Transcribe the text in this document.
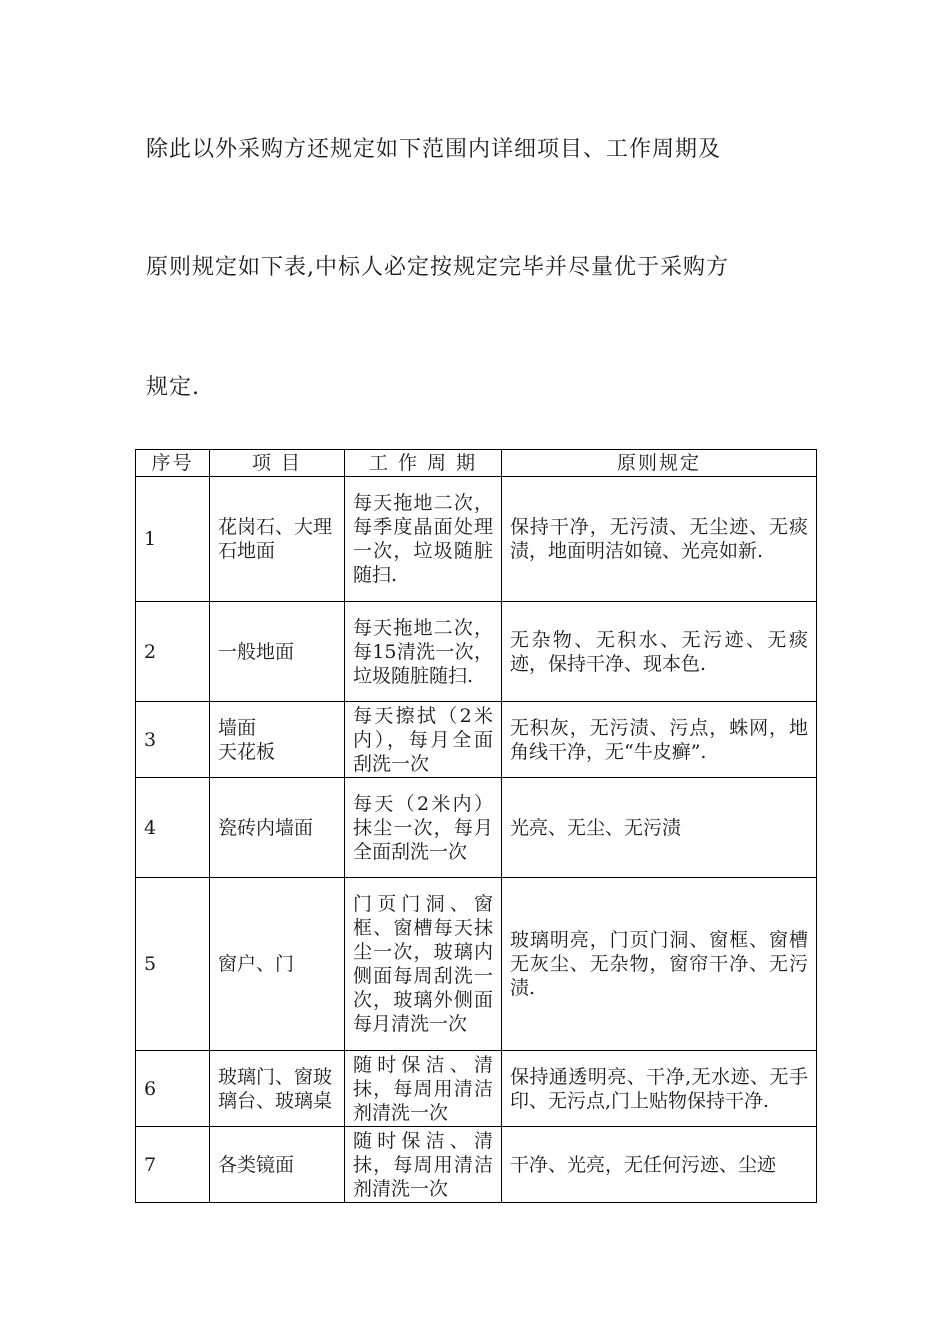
除此以外采购方还规定如下范围内详细项目、工作周期及
原则规定如下表,中标人必定按规定完毕并尽量优于采购方
规定.
序号	项 目	工 作 周 期	原则规定
1	花岗石、大理石地面	每天拖地二次，每季度晶面处理一次，垃圾随脏随扫.	保持干净，无污渍、无尘迹、无痰渍，地面明洁如镜、光亮如新.
2	一般地面	每天拖地二次，每15清洗一次，垃圾随脏随扫.	无杂物、无积水、无污迹、无痰迹，保持干净、现本色.
3	墙面
天花板	每天擦拭（2米内），每月全面刮洗一次	无积灰，无污渍、污点，蛛网，地角线干净，无“牛皮癣”.
4	瓷砖内墙面	每天（2米内）抹尘一次，每月全面刮洗一次	光亮、无尘、无污渍
5	窗户、门	门页门洞、窗框、窗槽每天抹尘一次，玻璃内侧面每周刮洗一次，玻璃外侧面每月清洗一次	玻璃明亮，门页门洞、窗框、窗槽无灰尘、无杂物，窗帘干净、无污渍.
6	玻璃门、窗玻璃台、玻璃桌	随时保洁、清抹，每周用清洁剂清洗一次	保持通透明亮、干净,无水迹、无手印、无污点,门上贴物保持干净.
7	各类镜面	随时保洁、清抹，每周用清洁剂清洗一次	干净、光亮，无任何污迹、尘迹
